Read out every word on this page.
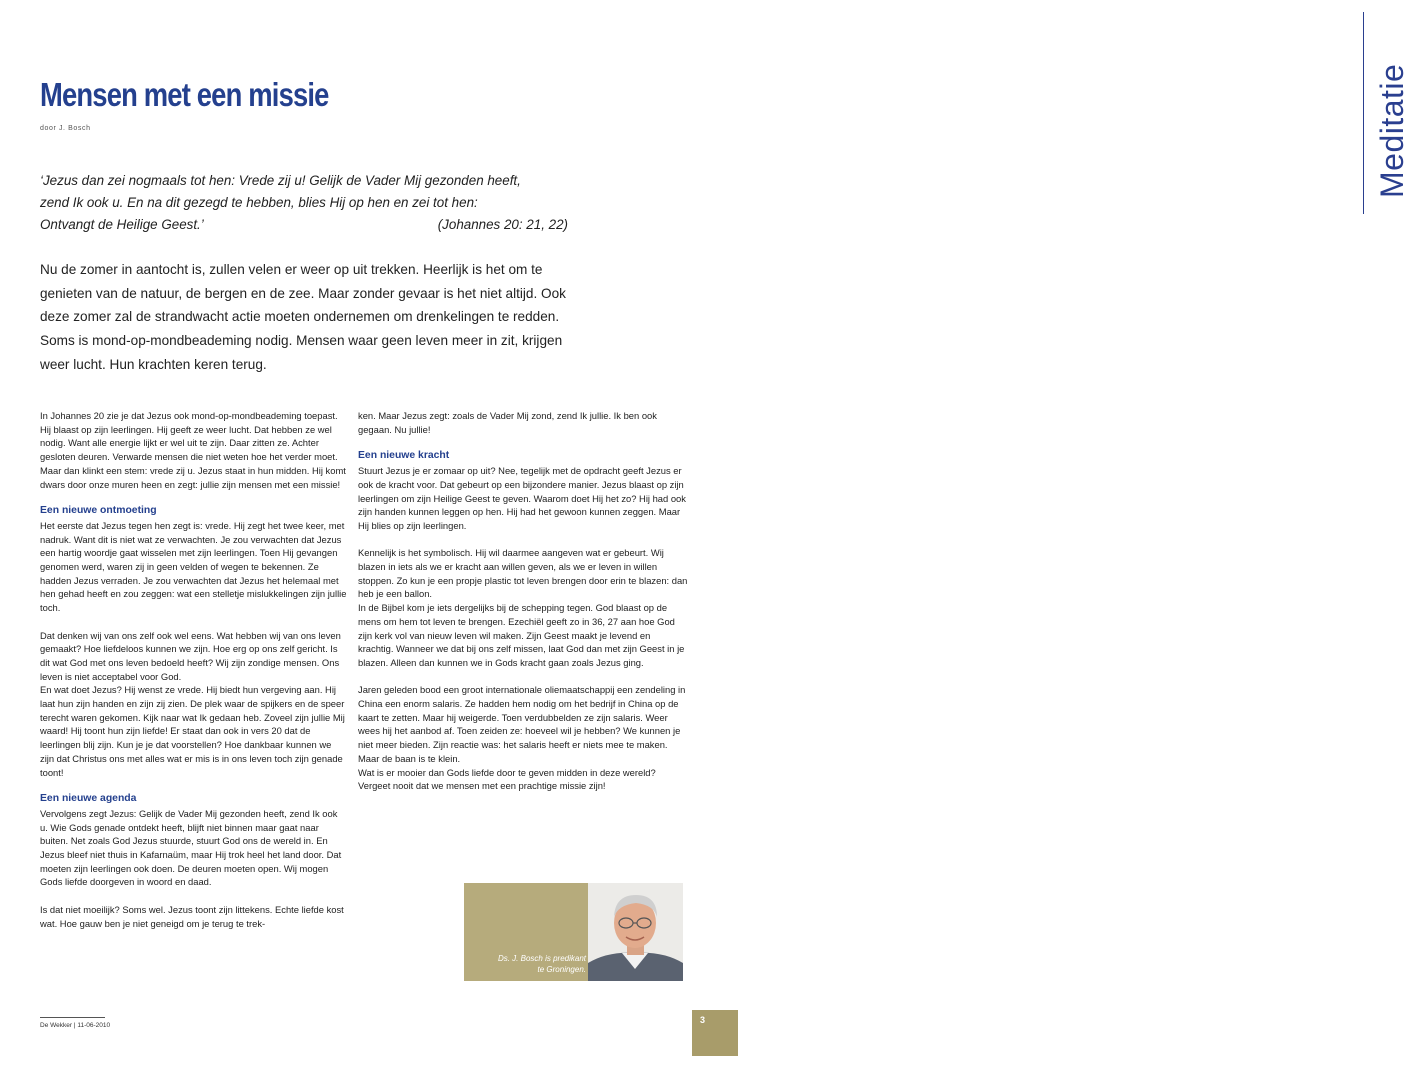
Meditatie
Mensen met een missie
door J. Bosch
‘Jezus dan zei nogmaals tot hen: Vrede zij u! Gelijk de Vader Mij gezonden heeft,
zend Ik ook u. En na dit gezegd te hebben, blies Hij op hen en zei tot hen:
Ontvangt de Heilige Geest.’	(Johannes 20: 21, 22)
Nu de zomer in aantocht is, zullen velen er weer op uit trekken. Heerlijk is het om te genieten van de natuur, de bergen en de zee. Maar zonder gevaar is het niet altijd. Ook deze zomer zal de strandwacht actie moeten ondernemen om drenkelingen te redden. Soms is mond-op-mondbeademing nodig. Mensen waar geen leven meer in zit, krijgen weer lucht. Hun krachten keren terug.

In Johannes 20 zie je dat Jezus ook mond-op-mondbeademing toepast. Hij blaast op zijn leerlingen. Hij geeft ze weer lucht. Dat hebben ze wel nodig. Want alle energie lijkt er wel uit te zijn. Daar zitten ze. Achter gesloten deuren. Verwarde mensen die niet weten hoe het verder moet. Maar dan klinkt een stem: vrede zij u. Jezus staat in hun midden. Hij komt dwars door onze muren heen en zegt: jullie zijn mensen met een missie!

Een nieuwe ontmoeting

Het eerste dat Jezus tegen hen zegt is: vrede. Hij zegt het twee keer, met nadruk. Want dit is niet wat ze verwachten. Je zou verwachten dat Jezus een hartig woordje gaat wisselen met zijn leerlingen. Toen Hij gevangen genomen werd, waren zij in geen velden of wegen te bekennen. Ze hadden Jezus verraden. Je zou verwachten dat Jezus het helemaal met hen gehad heeft en zou zeggen: wat een stelletje mislukkelingen zijn jullie toch.

Dat denken wij van ons zelf ook wel eens. Wat hebben wij van ons leven gemaakt? Hoe liefdeloos kunnen we zijn. Hoe erg op ons zelf gericht. Is dit wat God met ons leven bedoeld heeft? Wij zijn zondige mensen. Ons leven is niet acceptabel voor God.

En wat doet Jezus? Hij wenst ze vrede. Hij biedt hun vergeving aan. Hij laat hun zijn handen en zijn zij zien. De plek waar de spijkers en de speer terecht waren gekomen. Kijk naar wat Ik gedaan heb. Zoveel zijn jullie Mij waard! Hij toont hun zijn liefde! Er staat dan ook in vers 20 dat de leerlingen blij zijn. Kun je je dat voorstellen? Hoe dankbaar kunnen we zijn dat Christus ons met alles wat er mis is in ons leven toch zijn genade toont!

Een nieuwe agenda

Vervolgens zegt Jezus: Gelijk de Vader Mij gezonden heeft, zend Ik ook u. Wie Gods genade ontdekt heeft, blijft niet binnen maar gaat naar buiten. Net zoals God Jezus stuurde, stuurt God ons de wereld in. En Jezus bleef niet thuis in Kafarnaüm, maar Hij trok heel het land door. Dat moeten zijn leerlingen ook doen. De deuren moeten open. Wij mogen Gods liefde doorgeven in woord en daad.

Is dat niet moeilijk? Soms wel. Jezus toont zijn littekens. Echte liefde kost wat. Hoe gauw ben je niet geneigd om je terug te trek-

ken. Maar Jezus zegt: zoals de Vader Mij zond, zend Ik jullie. Ik ben ook gegaan. Nu jullie!

Een nieuwe kracht

Stuurt Jezus je er zomaar op uit? Nee, tegelijk met de opdracht geeft Jezus er ook de kracht voor. Dat gebeurt op een bijzondere manier. Jezus blaast op zijn leerlingen om zijn Heilige Geest te geven. Waarom doet Hij het zo? Hij had ook zijn handen kunnen leggen op hen. Hij had het gewoon kunnen zeggen. Maar Hij blies op zijn leerlingen.

Kennelijk is het symbolisch. Hij wil daarmee aangeven wat er gebeurt. Wij blazen in iets als we er kracht aan willen geven, als we er leven in willen stoppen. Zo kun je een propje plastic tot leven brengen door erin te blazen: dan heb je een ballon.

In de Bijbel kom je iets dergelijks bij de schepping tegen. God blaast op de mens om hem tot leven te brengen. Ezechiël geeft zo in 36, 27 aan hoe God zijn kerk vol van nieuw leven wil maken. Zijn Geest maakt je levend en krachtig. Wanneer we dat bij ons zelf missen, laat God dan met zijn Geest in je blazen. Alleen dan kunnen we in Gods kracht gaan zoals Jezus ging.

Jaren geleden bood een groot internationale oliemaatschappij een zendeling in China een enorm salaris. Ze hadden hem nodig om het bedrijf in China op de kaart te zetten. Maar hij weigerde. Toen verdubbelden ze zijn salaris. Weer wees hij het aanbod af. Toen zeiden ze: hoeveel wil je hebben? We kunnen je niet meer bieden. Zijn reactie was: het salaris heeft er niets mee te maken. Maar de baan is te klein.

Wat is er mooier dan Gods liefde door te geven midden in deze wereld? Vergeet nooit dat we mensen met een prachtige missie zijn!

Ds. J. Bosch is predikant
te Groningen.
De Wekker | 11-06-2010
3
